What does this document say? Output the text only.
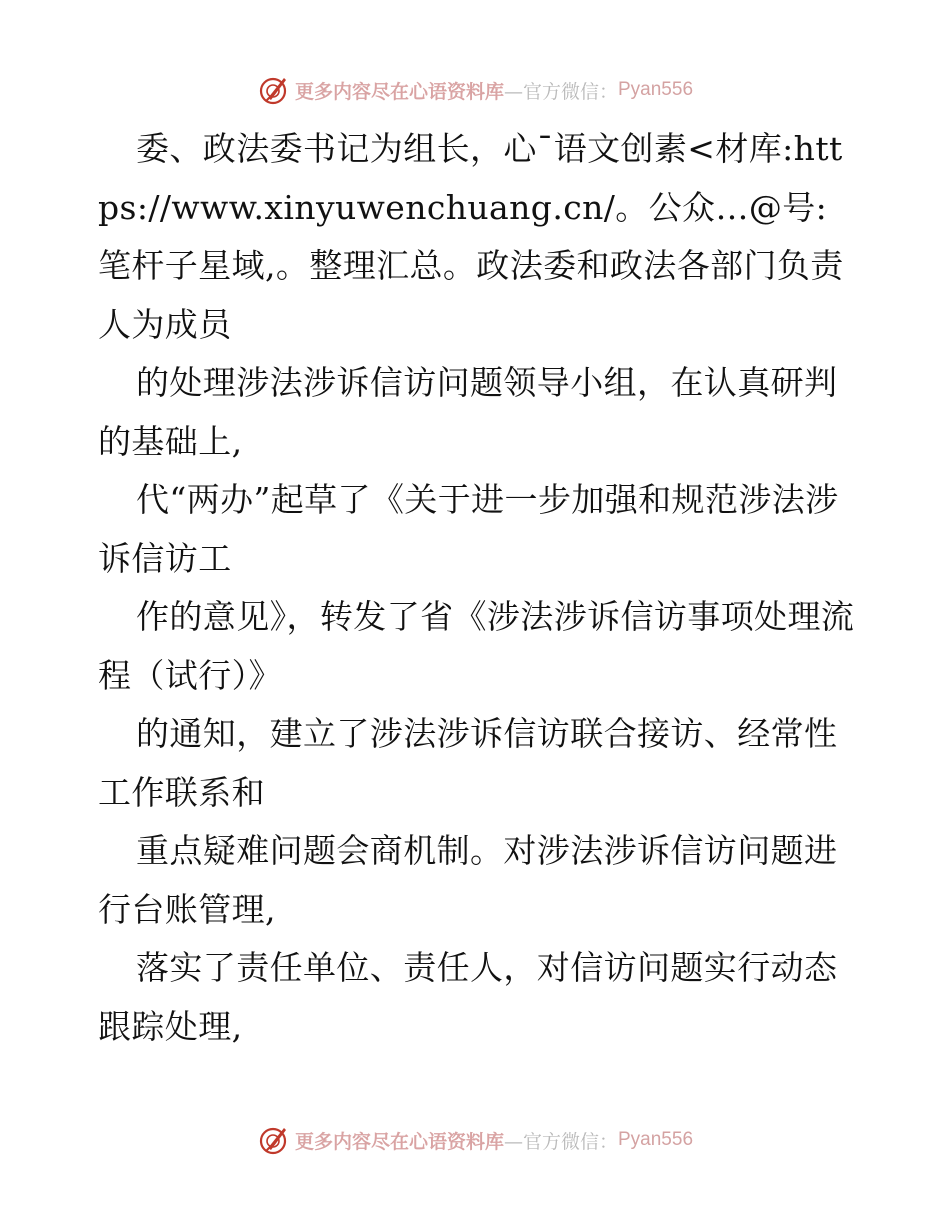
更多内容尽在心语资料库 —官方微信： Pyan556

委、政法委书记为组长，心¯语文创素<材库:https://www.xinyuwenchuang.cn/。公众…@号:笔杆子星域,。整理汇总。政法委和政法各部门负责人为成员

的处理涉法涉诉信访问题领导小组，在认真研判的基础上,

代“两办”起草了《关于进一步加强和规范涉法涉诉信访工

作的意见》，转发了省《涉法涉诉信访事项处理流程（试行）》

的通知，建立了涉法涉诉信访联合接访、经常性工作联系和

重点疑难问题会商机制。对涉法涉诉信访问题进行台账管理,

落实了责任单位、责任人，对信访问题实行动态跟踪处理,

更多内容尽在心语资料库 —官方微信： Pyan556
